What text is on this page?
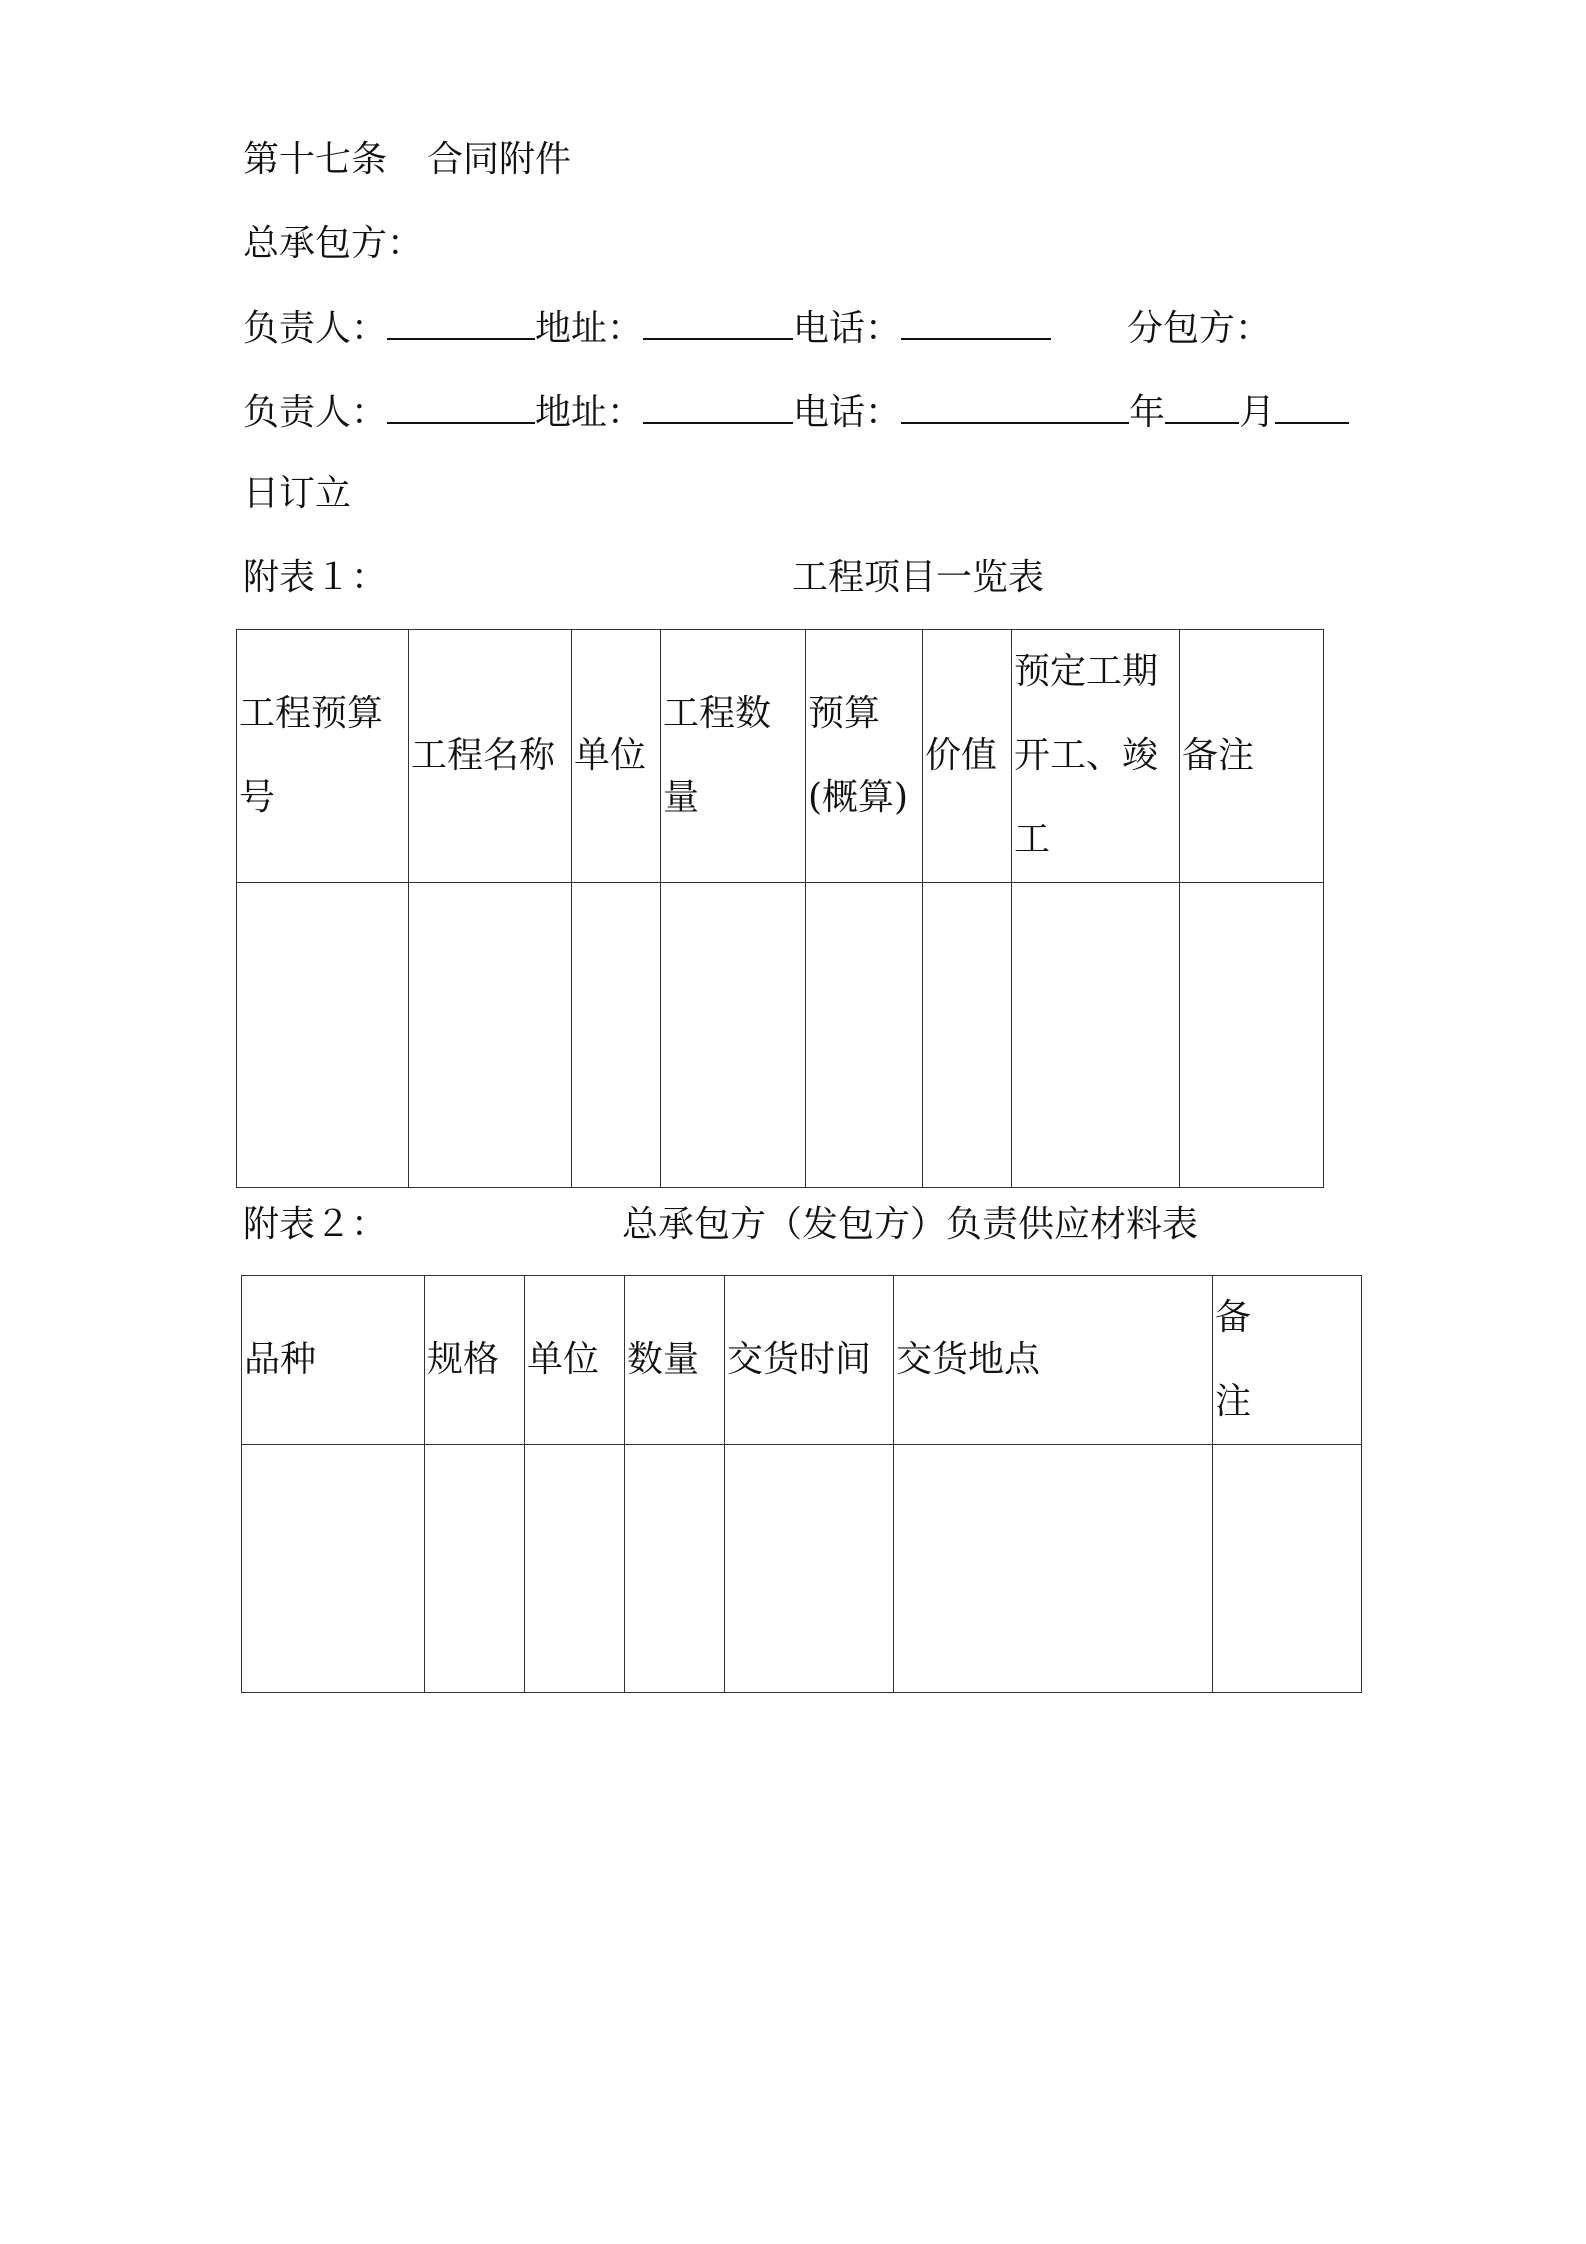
第十七条 合同附件
总承包方：
负责人：	地址：	电话：	分包方：
负责人：	地址：	电话：	年 月
日订立
附表１：	工程项目一览表
工程预算号	工程名称	单位	工程数量	预算(概算)	价值	预定工期开工、竣工	备注

附表２：	总承包方（发包方）负责供应材料表
品种	规格	单位	数量	交货时间	交货地点	备注
